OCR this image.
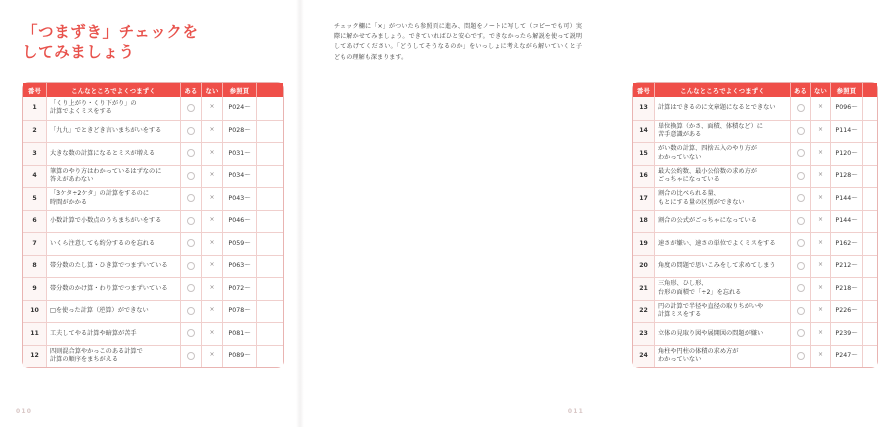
「つまずき」チェックを
してみましょう
番号	こんなところでよくつまずく	ある	ない	参照頁	
1	「くり上がり・くり下がり」の
計算でよくミスをする		×	P024〜	
2	「九九」でときどき言いまちがいをする		×	P028〜	
3	大きな数の計算になるとミスが増える		×	P031〜	
4	筆算のやり方はわかっているはずなのに
答えがあわない		×	P034〜	
5	「3ケタ÷2ケタ」の計算をするのに
時間がかかる		×	P043〜	
6	小数計算で小数点のうちまちがいをする		×	P046〜	
7	いくら注意しても約分するのを忘れる		×	P059〜	
8	帯分数のたし算・ひき算でつまずいている		×	P063〜	
9	帯分数のかけ算・わり算でつまずいている		×	P072〜	
10	□を使った計算（逆算）ができない		×	P078〜	
11	工夫してやる計算や暗算が苦手		×	P081〜	
12	四則混合算やかっこのある計算で
計算の順序をまちがえる		×	P089〜	
010

チェック欄に「×」がついたら参照頁に進み、問題をノートに写して（コピーでも可）実際に解かせてみましょう。できていればひと安心です。できなかったら解説を使って説明してあげてください。「どうしてそうなるのか」をいっしょに考えながら解いていくと子どもの理解も深まります。

番号	こんなところでよくつまずく	ある	ない	参照頁	
13	計算はできるのに文章題になるとできない		×	P096〜	
14	単位換算（かさ、面積、体積など）に
苦手意識がある		×	P114〜	
15	がい数の計算、四捨五入のやり方が
わかっていない		×	P120〜	
16	最大公約数、最小公倍数の求め方が
ごっちゃになっている		×	P128〜	
17	割合の比べられる量、
もとにする量の区別ができない		×	P144〜	
18	割合の公式がごっちゃになっている		×	P144〜	
19	速さが嫌い、速さの単位でよくミスをする		×	P162〜	
20	角度の問題で思いこみをして求めてしまう		×	P212〜	
21	三角形、ひし形、
台形の面積で「÷2」を忘れる		×	P218〜	
22	円の計算で半径や直径の取りちがいや
計算ミスをする		×	P226〜	
23	立体の見取り図や展開図の問題が嫌い		×	P239〜	
24	角柱や円柱の体積の求め方が
わかっていない		×	P247〜	
011
